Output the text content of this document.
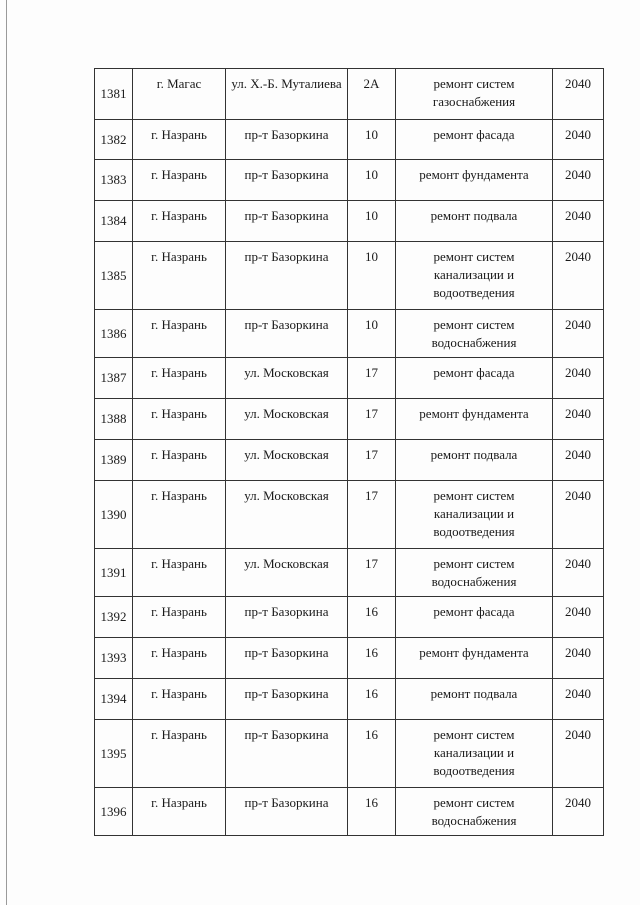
1381	г. Магас	ул. Х.-Б. Муталиева	2А	ремонт систем газоснабжения	2040
1382	г. Назрань	пр-т Базоркина	10	ремонт фасада	2040
1383	г. Назрань	пр-т Базоркина	10	ремонт фундамента	2040
1384	г. Назрань	пр-т Базоркина	10	ремонт подвала	2040
1385	г. Назрань	пр-т Базоркина	10	ремонт систем канализации и водоотведения	2040
1386	г. Назрань	пр-т Базоркина	10	ремонт систем водоснабжения	2040
1387	г. Назрань	ул. Московская	17	ремонт фасада	2040
1388	г. Назрань	ул. Московская	17	ремонт фундамента	2040
1389	г. Назрань	ул. Московская	17	ремонт подвала	2040
1390	г. Назрань	ул. Московская	17	ремонт систем канализации и водоотведения	2040
1391	г. Назрань	ул. Московская	17	ремонт систем водоснабжения	2040
1392	г. Назрань	пр-т Базоркина	16	ремонт фасада	2040
1393	г. Назрань	пр-т Базоркина	16	ремонт фундамента	2040
1394	г. Назрань	пр-т Базоркина	16	ремонт подвала	2040
1395	г. Назрань	пр-т Базоркина	16	ремонт систем канализации и водоотведения	2040
1396	г. Назрань	пр-т Базоркина	16	ремонт систем водоснабжения	2040
